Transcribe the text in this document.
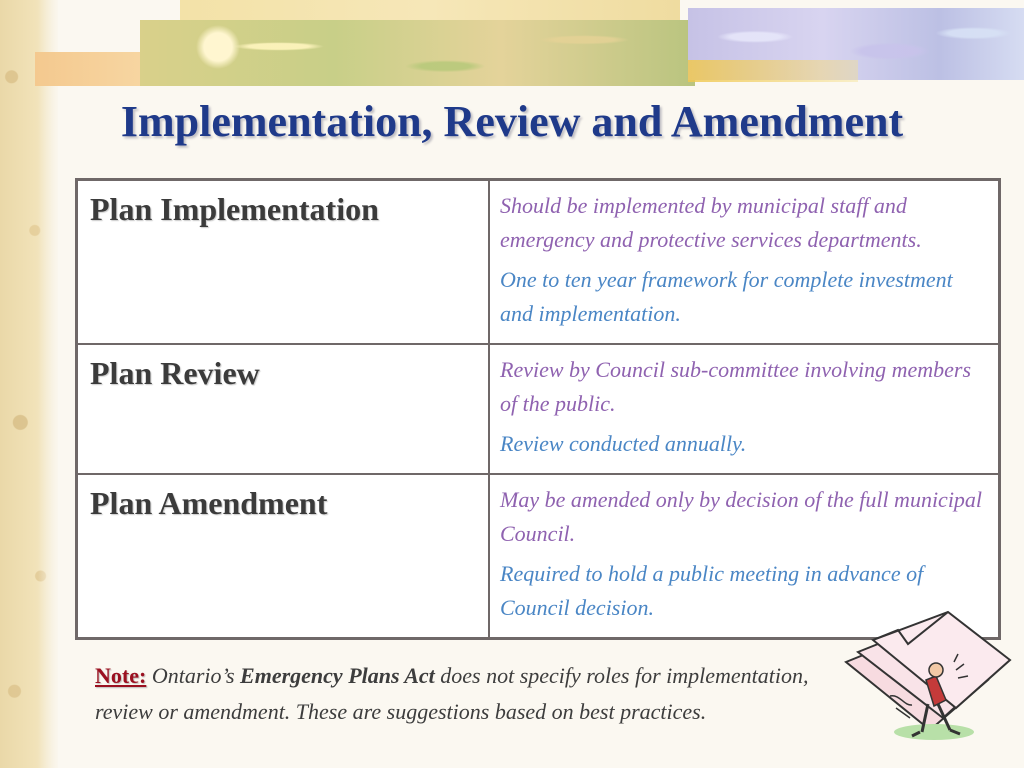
Implementation, Review and Amendment
Plan Implementation	Should be implemented by municipal staff and emergency and protective services departments.

One to ten year framework for complete investment and implementation.

Plan Review	Review by Council sub-committee involving members of the public.

Review conducted annually.

Plan Amendment	May be amended only by decision of the full municipal Council.

Required to hold a public meeting in advance of Council decision.

Note: Ontario’s Emergency Plans Act does not specify roles for implementation, review or amendment. These are suggestions based on best practices.
